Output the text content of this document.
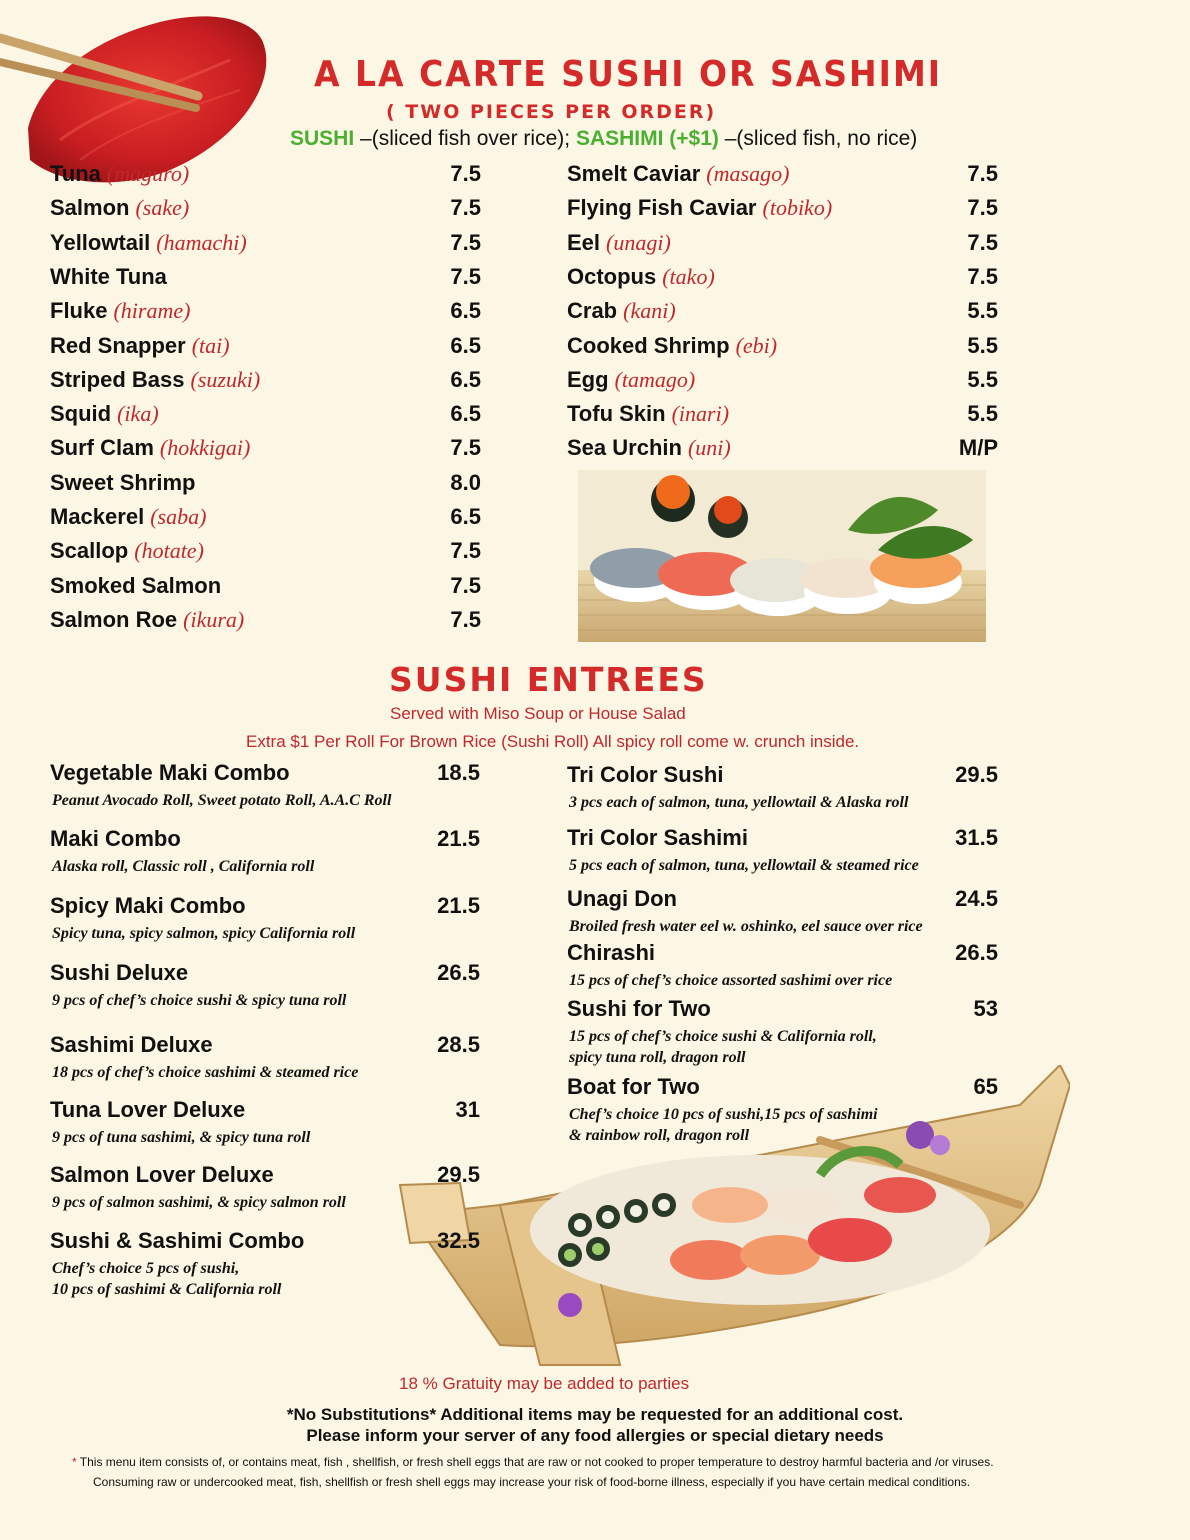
A LA CARTE SUSHI OR SASHIMI
( TWO PIECES PER ORDER)
SUSHI –(sliced fish over rice); SASHIMI (+$1) –(sliced fish, no rice)
Tuna (maguro)	7.5
Salmon (sake)	7.5
Yellowtail (hamachi)	7.5
White Tuna	7.5
Fluke (hirame)	6.5
Red Snapper (tai)	6.5
Striped Bass (suzuki)	6.5
Squid (ika)	6.5
Surf Clam (hokkigai)	7.5
Sweet Shrimp	8.0
Mackerel (saba)	6.5
Scallop (hotate)	7.5
Smoked Salmon	7.5
Salmon Roe (ikura)	7.5
Smelt Caviar (masago)	7.5
Flying Fish Caviar (tobiko)	7.5
Eel (unagi)	7.5
Octopus (tako)	7.5
Crab (kani)	5.5
Cooked Shrimp (ebi)	5.5
Egg (tamago)	5.5
Tofu Skin (inari)	5.5
Sea Urchin (uni)	M/P
SUSHI ENTREES
Served with Miso Soup or House Salad
Extra $1 Per Roll For Brown Rice (Sushi Roll) All spicy roll come w. crunch inside.
Vegetable Maki Combo	18.5
Peanut Avocado Roll, Sweet potato Roll, A.A.C Roll
Maki Combo	21.5
Alaska roll, Classic roll , California roll
Spicy Maki Combo	21.5
Spicy tuna, spicy salmon, spicy California roll
Sushi Deluxe	26.5
9 pcs of chef’s choice sushi & spicy tuna roll
Sashimi Deluxe	28.5
18 pcs of chef’s choice sashimi & steamed rice
Tuna Lover Deluxe	31
9 pcs of tuna sashimi, & spicy tuna roll
Salmon Lover Deluxe	29.5
9 pcs of salmon sashimi, & spicy salmon roll
Sushi & Sashimi Combo	32.5
Chef’s choice 5 pcs of sushi,
10 pcs of sashimi & California roll
Tri Color Sushi	29.5
3 pcs each of salmon, tuna, yellowtail & Alaska roll
Tri Color Sashimi	31.5
5 pcs each of salmon, tuna, yellowtail & steamed rice
Unagi Don	24.5
Broiled fresh water eel w. oshinko, eel sauce over rice
Chirashi	26.5
15 pcs of chef’s choice assorted sashimi over rice
Sushi for Two	53
15 pcs of chef’s choice sushi & California roll,
spicy tuna roll, dragon roll
Boat for Two	65
Chef’s choice 10 pcs of sushi,15 pcs of sashimi
& rainbow roll, dragon roll
18 % Gratuity may be added to parties
*No Substitutions* Additional items may be requested for an additional cost.
Please inform your server of any food allergies or special dietary needs
* This menu item consists of, or contains meat, fish , shellfish, or fresh shell eggs that are raw or not cooked to proper temperature to destroy harmful bacteria and /or viruses.
Consuming raw or undercooked meat, fish, shellfish or fresh shell eggs may increase your risk of food-borne illness, especially if you have certain medical conditions.
